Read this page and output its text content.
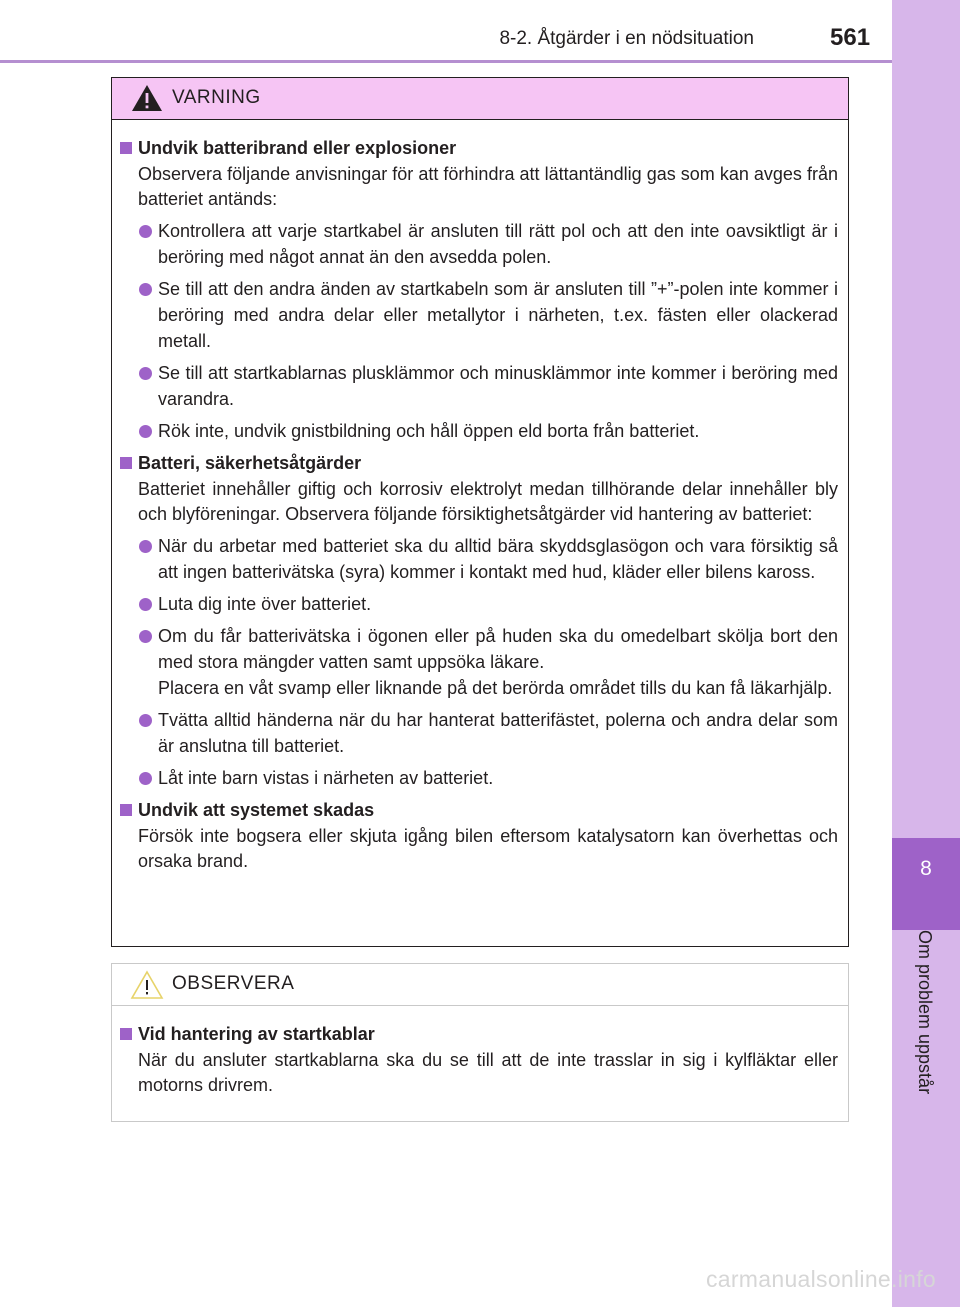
8-2. Åtgärder i en nödsituation	561
8
Om problem uppstår
VARNING
Undvik batteribrand eller explosioner
Observera följande anvisningar för att förhindra att lättantändlig gas som kan avges från batteriet antänds:

Kontrollera att varje startkabel är ansluten till rätt pol och att den inte oavsiktligt är i beröring med något annat än den avsedda polen.

Se till att den andra änden av startkabeln som är ansluten till ”+”-polen inte kommer i beröring med andra delar eller metallytor i närheten, t.ex. fästen eller olackerad metall.

Se till att startkablarnas plusklämmor och minusklämmor inte kommer i beröring med varandra.

Rök inte, undvik gnistbildning och håll öppen eld borta från batteriet.

Batteri, säkerhetsåtgärder
Batteriet innehåller giftig och korrosiv elektrolyt medan tillhörande delar innehåller bly och blyföreningar. Observera följande försiktighetsåtgärder vid hantering av batteriet:

När du arbetar med batteriet ska du alltid bära skyddsglasögon och vara försiktig så att ingen batterivätska (syra) kommer i kontakt med hud, kläder eller bilens kaross.

Luta dig inte över batteriet.

Om du får batterivätska i ögonen eller på huden ska du omedelbart skölja bort den med stora mängder vatten samt uppsöka läkare.

Placera en våt svamp eller liknande på det berörda området tills du kan få läkarhjälp.

Tvätta alltid händerna när du har hanterat batterifästet, polerna och andra delar som är anslutna till batteriet.

Låt inte barn vistas i närheten av batteriet.

Undvik att systemet skadas
Försök inte bogsera eller skjuta igång bilen eftersom katalysatorn kan överhettas och orsaka brand.
OBSERVERA
Vid hantering av startkablar
När du ansluter startkablarna ska du se till att de inte trasslar in sig i kylfläktar eller motorns drivrem.
carmanualsonline.info
